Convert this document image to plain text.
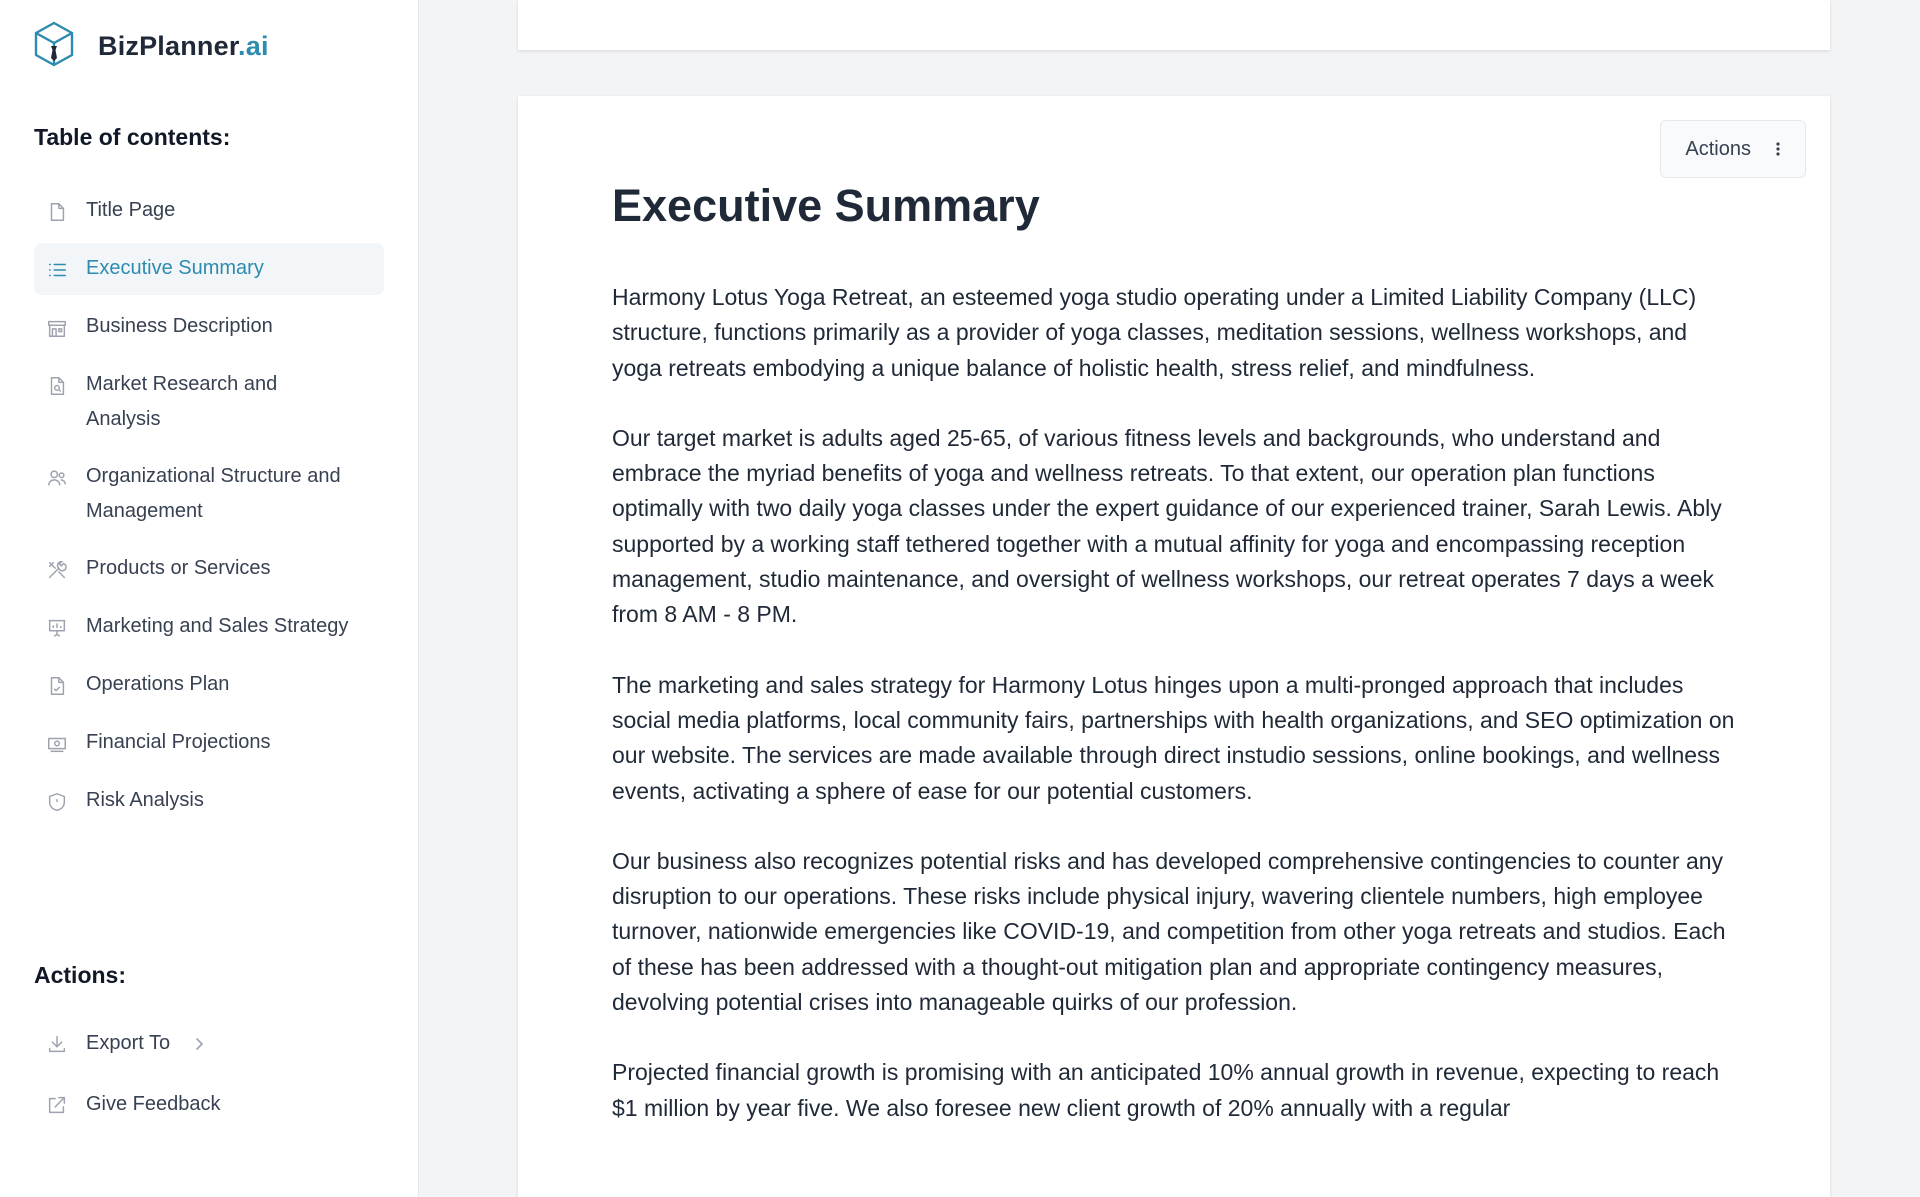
BizPlanner.ai
Table of contents:
Title Page
Executive Summary
Business Description
Market Research and Analysis
Organizational Structure and Management
Products or Services
Marketing and Sales Strategy
Operations Plan
Financial Projections
Risk Analysis
Actions:
Export To
Give Feedback
Actions
Executive Summary

Harmony Lotus Yoga Retreat, an esteemed yoga studio operating under a Limited Liability Company (LLC) structure, functions primarily as a provider of yoga classes, meditation sessions, wellness workshops, and yoga retreats embodying a unique balance of holistic health, stress relief, and mindfulness.

Our target market is adults aged 25-65, of various fitness levels and backgrounds, who understand and embrace the myriad benefits of yoga and wellness retreats. To that extent, our operation plan functions optimally with two daily yoga classes under the expert guidance of our experienced trainer, Sarah Lewis. Ably supported by a working staff tethered together with a mutual affinity for yoga and encompassing reception management, studio maintenance, and oversight of wellness workshops, our retreat operates 7 days a week from 8 AM - 8 PM.

The marketing and sales strategy for Harmony Lotus hinges upon a multi-pronged approach that includes social media platforms, local community fairs, partnerships with health organizations, and SEO optimization on our website. The services are made available through direct instudio sessions, online bookings, and wellness events, activating a sphere of ease for our potential customers.

Our business also recognizes potential risks and has developed comprehensive contingencies to counter any disruption to our operations. These risks include physical injury, wavering clientele numbers, high employee turnover, nationwide emergencies like COVID-19, and competition from other yoga retreats and studios. Each of these has been addressed with a thought-out mitigation plan and appropriate contingency measures, devolving potential crises into manageable quirks of our profession.

Projected financial growth is promising with an anticipated 10% annual growth in revenue, expecting to reach $1 million by year five. We also foresee new client growth of 20% annually with a regular
